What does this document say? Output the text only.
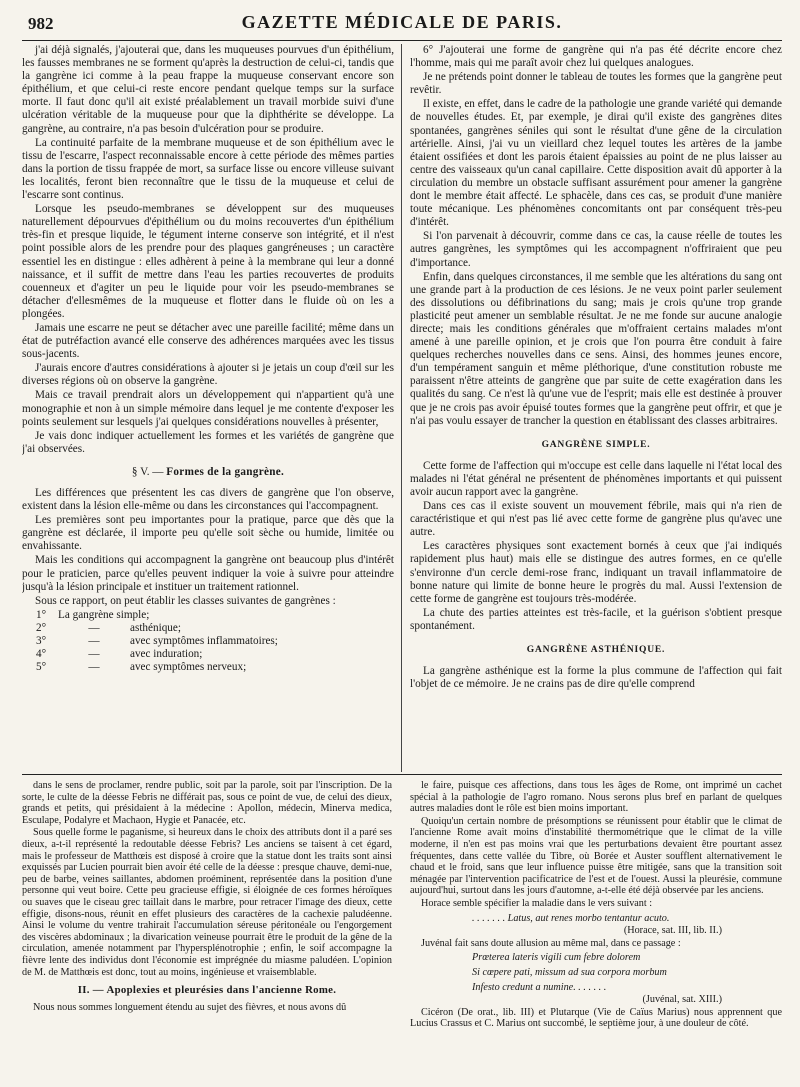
982	GAZETTE MÉDICALE DE PARIS.

j'ai déjà signalés, j'ajouterai que, dans les muqueuses pourvues d'un épithélium, les fausses membranes ne se forment qu'après la destruction de celui-ci, tandis que la gangrène ici comme à la peau frappe la muqueuse conservant encore son épithélium, et que celui-ci reste encore pendant quelque temps sur la surface morte. Il faut donc qu'il ait existé préalablement un travail morbide suivi d'une ulcération véritable de la muqueuse pour que la diphthérite se développe. La gangrène, au contraire, n'a pas besoin d'ulcération pour se produire.

La continuité parfaite de la membrane muqueuse et de son épithélium avec le tissu de l'escarre, l'aspect reconnaissable encore à cette période des mêmes parties dans la portion de tissu frappée de mort, sa surface lisse ou encore villeuse suivant les localités, feront bien reconnaître que le tissu de la muqueuse et celui de l'escarre sont continus.

Lorsque les pseudo-membranes se développent sur des muqueuses naturellement dépourvues d'épithélium ou du moins recouvertes d'un épithélium très-fin et presque liquide, le tégument interne conserve son intégrité, et il n'est point possible alors de les prendre pour des plaques gangréneuses ; un caractère essentiel les en distingue : elles adhèrent à peine à la membrane qui leur a donné naissance, et il suffit de mettre dans l'eau les parties recouvertes de produits couenneux et d'agiter un peu le liquide pour voir les pseudo-membranes se détacher d'ellesmêmes de la muqueuse et flotter dans le fluide où on les a plongées.

Jamais une escarre ne peut se détacher avec une pareille facilité; même dans un état de putréfaction avancé elle conserve des adhérences marquées avec les tissus sous-jacents.

J'aurais encore d'autres considérations à ajouter si je jetais un coup d'œil sur les diverses régions où on observe la gangrène.

Mais ce travail prendrait alors un développement qui n'appartient qu'à une monographie et non à un simple mémoire dans lequel je me contente d'exposer les points seulement sur lesquels j'ai quelques considérations nouvelles à présenter,

Je vais donc indiquer actuellement les formes et les variétés de gangrène que j'ai observées.

§ V. — Formes de la gangrène.

Les différences que présentent les cas divers de gangrène que l'on observe, existent dans la lésion elle-même ou dans les circonstances qui l'accompagnent.

Les premières sont peu importantes pour la pratique, parce que dès que la gangrène est déclarée, il importe peu qu'elle soit sèche ou humide, limitée ou envahissante.

Mais les conditions qui accompagnent la gangrène ont beaucoup plus d'intérêt pour le praticien, parce qu'elles peuvent indiquer la voie à suivre pour atteindre jusqu'à la lésion principale et instituer un traitement rationnel.

Sous ce rapport, on peut établir les classes suivantes de gangrènes :

1°	La gangrène simple;
2°	—	asthénique;
3°	—	avec symptômes inflammatoires;
4°	—	avec induration;
5°	—	avec symptômes nerveux;

6° J'ajouterai une forme de gangrène qui n'a pas été décrite encore chez l'homme, mais qui me paraît avoir chez lui quelques analogues.

Je ne prétends point donner le tableau de toutes les formes que la gangrène peut revêtir.

Il existe, en effet, dans le cadre de la pathologie une grande variété qui demande de nouvelles études. Et, par exemple, je dirai qu'il existe des gangrènes dites spontanées, gangrènes séniles qui sont le résultat d'une gêne de la circulation artérielle. Ainsi, j'ai vu un vieillard chez lequel toutes les artères de la jambe étaient ossifiées et dont les parois étaient épaissies au point de ne plus laisser au centre des vaisseaux qu'un canal capillaire. Cette disposition avait dû apporter à la circulation du membre un obstacle suffisant assurément pour amener la gangrène dont le membre était affecté. Le sphacèle, dans ces cas, se produit d'une manière toute mécanique. Les phénomènes concomitants ont par conséquent très-peu d'intérêt.

Si l'on parvenait à découvrir, comme dans ce cas, la cause réelle de toutes les autres gangrènes, les symptômes qui les accompagnent n'offriraient que peu d'importance.

Enfin, dans quelques circonstances, il me semble que les altérations du sang ont une grande part à la production de ces lésions. Je ne veux point parler seulement des dissolutions ou défibrinations du sang; mais je crois qu'une trop grande plasticité peut amener un semblable résultat. Je ne me fonde sur aucune analogie directe; mais les conditions générales que m'offraient certains malades m'ont amené à une pareille opinion, et je crois que l'on pourra être conduit à faire quelques recherches nouvelles dans ce sens. Ainsi, des hommes jeunes encore, d'un tempérament sanguin et même pléthorique, d'une constitution robuste me paraissent n'être atteints de gangrène que par suite de cette exagération dans les qualités du sang. Ce n'est là qu'une vue de l'esprit; mais elle est destinée à prouver que je ne crois pas avoir épuisé toutes formes que la gangrène peut offrir, et que je n'ai pas voulu essayer de trancher la question en établissant des classes arbitraires.

GANGRÈNE SIMPLE.

Cette forme de l'affection qui m'occupe est celle dans laquelle ni l'état local des malades ni l'état général ne présentent de phénomènes importants et qui puissent avoir aucun rapport avec la gangrène.

Dans ces cas il existe souvent un mouvement fébrile, mais qui n'a rien de caractéristique et qui n'est pas lié avec cette forme de gangrène plus qu'avec une autre.

Les caractères physiques sont exactement bornés à ceux que j'ai indiqués rapidement plus haut) mais elle se distingue des autres formes, en ce qu'elle s'environne d'un cercle demi-rose franc, indiquant un travail inflammatoire de bonne nature qui limite de bonne heure le progrès du mal. Aussi l'extension de cette forme de gangrène est toujours très-modérée.

La chute des parties atteintes est très-facile, et la guérison s'obtient presque spontanément.

GANGRÈNE ASTHÉNIQUE.

La gangrène asthénique est la forme la plus commune de l'affection qui fait l'objet de ce mémoire. Je ne crains pas de dire qu'elle comprend

dans le sens de proclamer, rendre public, soit par la parole, soit par l'inscription. De la sorte, le culte de la déesse Febris ne différait pas, sous ce point de vue, de celui des dieux, grands et petits, qui présidaient à la médecine : Apollon, médecin, Minerva medica, Esculape, Podalyre et Machaon, Hygie et Panacée, etc.

Sous quelle forme le paganisme, si heureux dans le choix des attributs dont il a paré ses dieux, a-t-il représenté la redoutable déesse Febris? Les anciens se taisent à cet égard, mais le professeur de Matthœis est disposé à croire que la statue dont les traits sont ainsi exquissés par Lucien pourrait bien avoir été celle de la déesse : presque chauve, demi-nue, peu de barbe, veines saillantes, abdomen proéminent, représentée dans la position d'une personne qui veut boire. Cette peu gracieuse effigie, si éloignée de ces formes héroïques ou suaves que le ciseau grec taillait dans le marbre, pour retracer l'image des dieux, cette effigie, disons-nous, réunit en effet plusieurs des caractères de la cachexie paludéenne. Ainsi le volume du ventre trahirait l'accumulation séreuse péritonéale ou l'engorgement des viscères abdominaux ; la divarication veineuse pourrait être le produit de la gêne de la circulation, amenée notamment par l'hypersplénotrophie ; enfin, le soif accompagne la fièvre lente des individus dont l'économie est imprégnée du miasme paludéen. L'opinion de M. de Matthœis est donc, tout au moins, ingénieuse et vraisemblable.

II. — Apoplexies et pleurésies dans l'ancienne Rome.

Nous nous sommes longuement étendu au sujet des fièvres, et nous avons dû

le faire, puisque ces affections, dans tous les âges de Rome, ont imprimé un cachet spécial à la pathologie de l'agro romano. Nous serons plus bref en parlant de quelques autres maladies dont le rôle est bien moins important.

Quoiqu'un certain nombre de présomptions se réunissent pour établir que le climat de l'ancienne Rome avait moins d'instabilité thermométrique que le climat de la ville moderne, il n'en est pas moins vrai que les perturbations devaient être pourtant assez fréquentes, dans cette vallée du Tibre, où Borée et Auster soufflent alternativement le chaud et le froid, sans que leur influence puisse être mitigée, sans que la transition soit ménagée par l'intervention pacificatrice de l'est et de l'ouest. Aussi la pleurésie, commune aujourd'hui, surtout dans les jours d'automne, a-t-elle été déjà observée par les anciens.

Horace semble spécifier la maladie dans le vers suivant :

. . . . . . . Latus, aut renes morbo tentantur acuto.

(Horace, sat. III, lib. II.)

Juvénal fait sans doute allusion au même mal, dans ce passage :

Prœterea lateris vigili cum febre dolorem

Si cœpere pati, missum ad sua corpora morbum

Infesto credunt a numine. . . . . . .

(Juvénal, sat. XIII.)

Cicéron (De orat., lib. III) et Plutarque (Vie de Caïus Marius) nous apprennent que Lucius Crassus et C. Marius ont succombé, le septième jour, à une douleur de côté.
